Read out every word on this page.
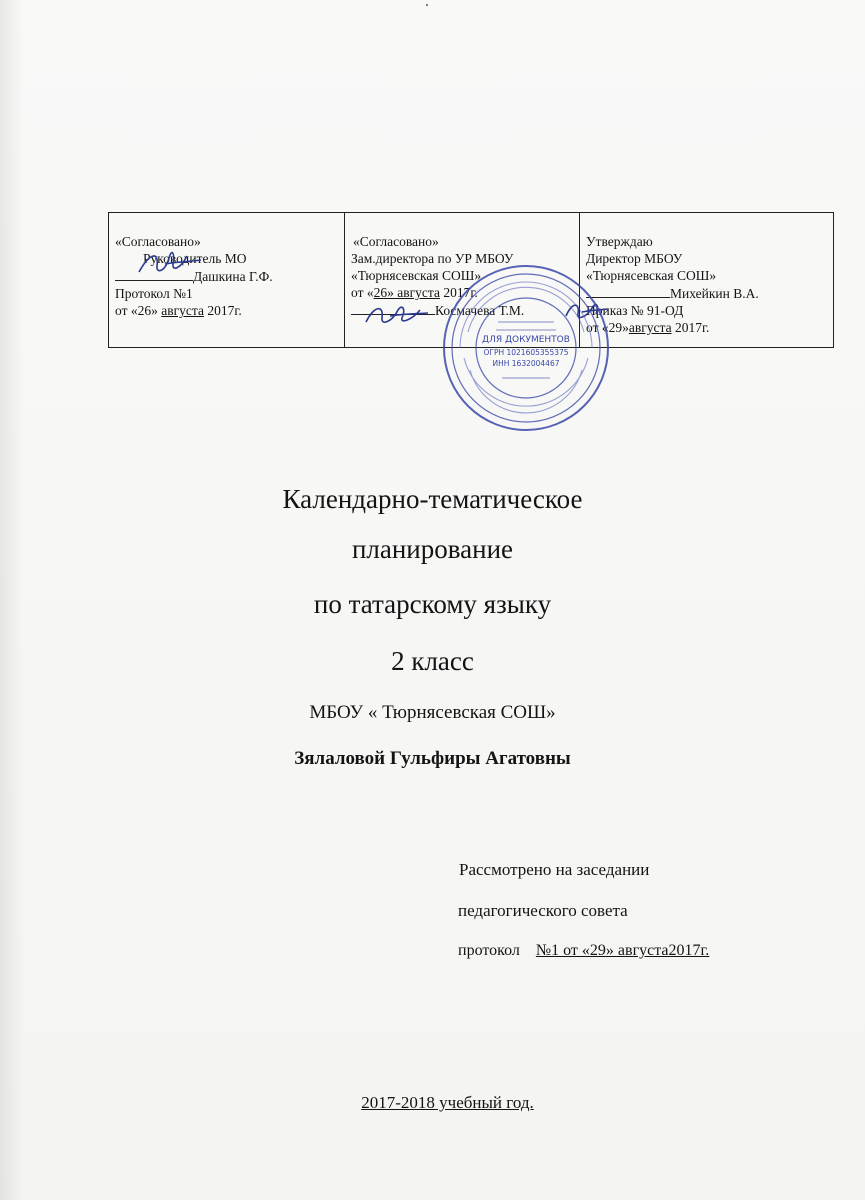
«Согласовано»
Руководитель МО
Дашкина Г.Ф.
Протокол №1
от «26» августа 2017г.

«Согласовано»
Зам.директора по УР МБОУ
«Тюрнясевская СОШ»
от «26» августа 2017г.
Космачева Т.М.

Утверждаю
Директор МБОУ
«Тюрнясевская СОШ»
Михейкин В.А.
Приказ № 91-ОД
от «29»августа 2017г.
ДЛЯ ДОКУМЕНТОВ
ОГРН 1021605355375
ИНН 1632004467
Календарно-тематическое
планирование
по татарскому языку
2 класс
МБОУ « Тюрнясевская СОШ»
Зялаловой Гульфиры Агатовны
Рассмотрено на заседании
педагогического совета
протокол    №1 от «29» августа2017г.
2017-2018 учебный год.
